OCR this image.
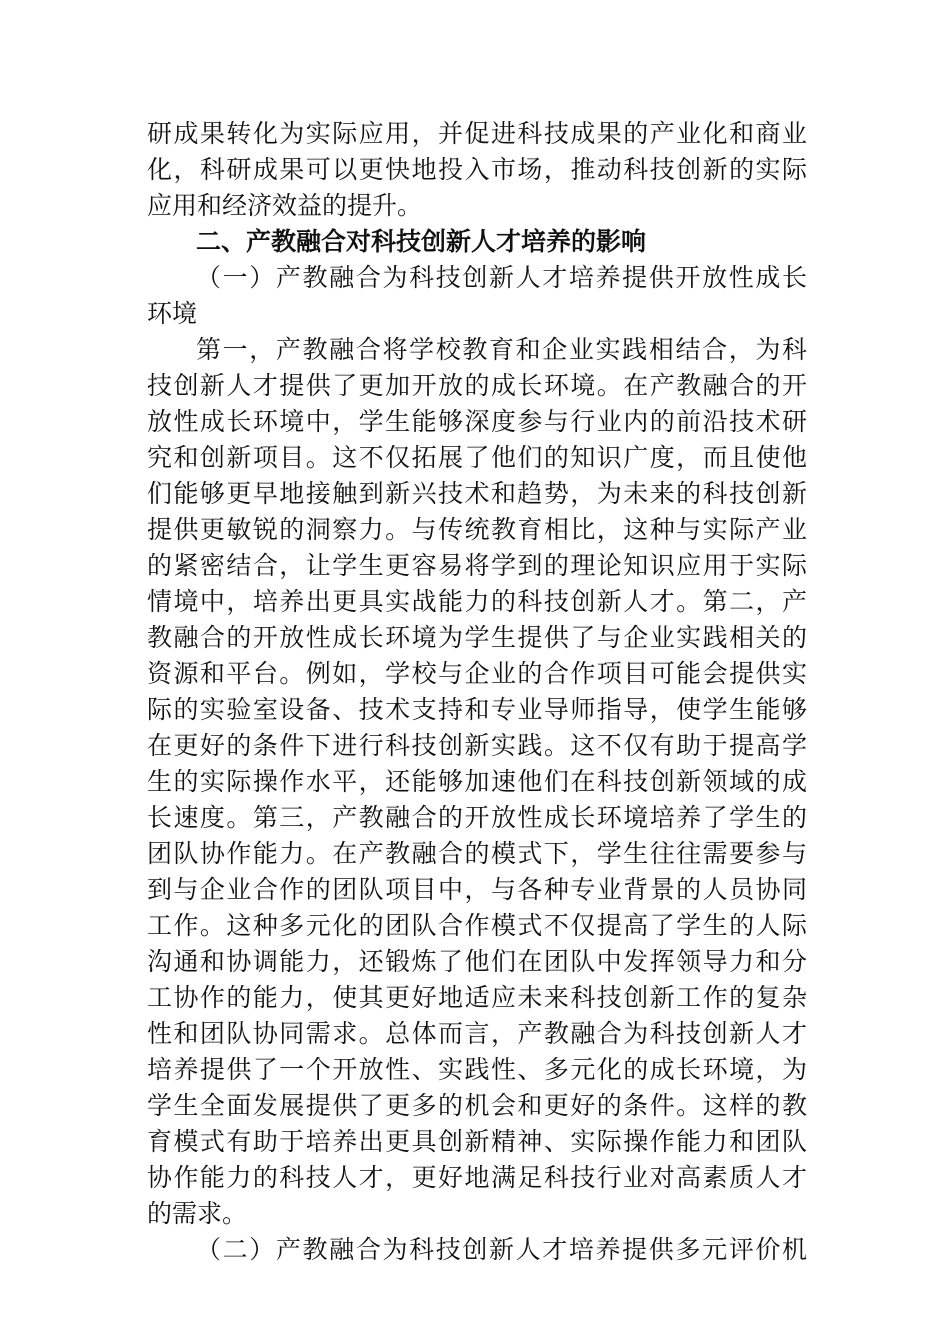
研成果转化为实际应用，并促进科技成果的产业化和商业
化，科研成果可以更快地投入市场，推动科技创新的实际
应用和经济效益的提升。
二、产教融合对科技创新人才培养的影响
（一）产教融合为科技创新人才培养提供开放性成长
环境
第一，产教融合将学校教育和企业实践相结合，为科
技创新人才提供了更加开放的成长环境。在产教融合的开
放性成长环境中，学生能够深度参与行业内的前沿技术研
究和创新项目。这不仅拓展了他们的知识广度，而且使他
们能够更早地接触到新兴技术和趋势，为未来的科技创新
提供更敏锐的洞察力。与传统教育相比，这种与实际产业
的紧密结合，让学生更容易将学到的理论知识应用于实际
情境中，培养出更具实战能力的科技创新人才。第二，产
教融合的开放性成长环境为学生提供了与企业实践相关的
资源和平台。例如，学校与企业的合作项目可能会提供实
际的实验室设备、技术支持和专业导师指导，使学生能够
在更好的条件下进行科技创新实践。这不仅有助于提高学
生的实际操作水平，还能够加速他们在科技创新领域的成
长速度。第三，产教融合的开放性成长环境培养了学生的
团队协作能力。在产教融合的模式下，学生往往需要参与
到与企业合作的团队项目中，与各种专业背景的人员协同
工作。这种多元化的团队合作模式不仅提高了学生的人际
沟通和协调能力，还锻炼了他们在团队中发挥领导力和分
工协作的能力，使其更好地适应未来科技创新工作的复杂
性和团队协同需求。总体而言，产教融合为科技创新人才
培养提供了一个开放性、实践性、多元化的成长环境，为
学生全面发展提供了更多的机会和更好的条件。这样的教
育模式有助于培养出更具创新精神、实际操作能力和团队
协作能力的科技人才，更好地满足科技行业对高素质人才
的需求。
（二）产教融合为科技创新人才培养提供多元评价机
